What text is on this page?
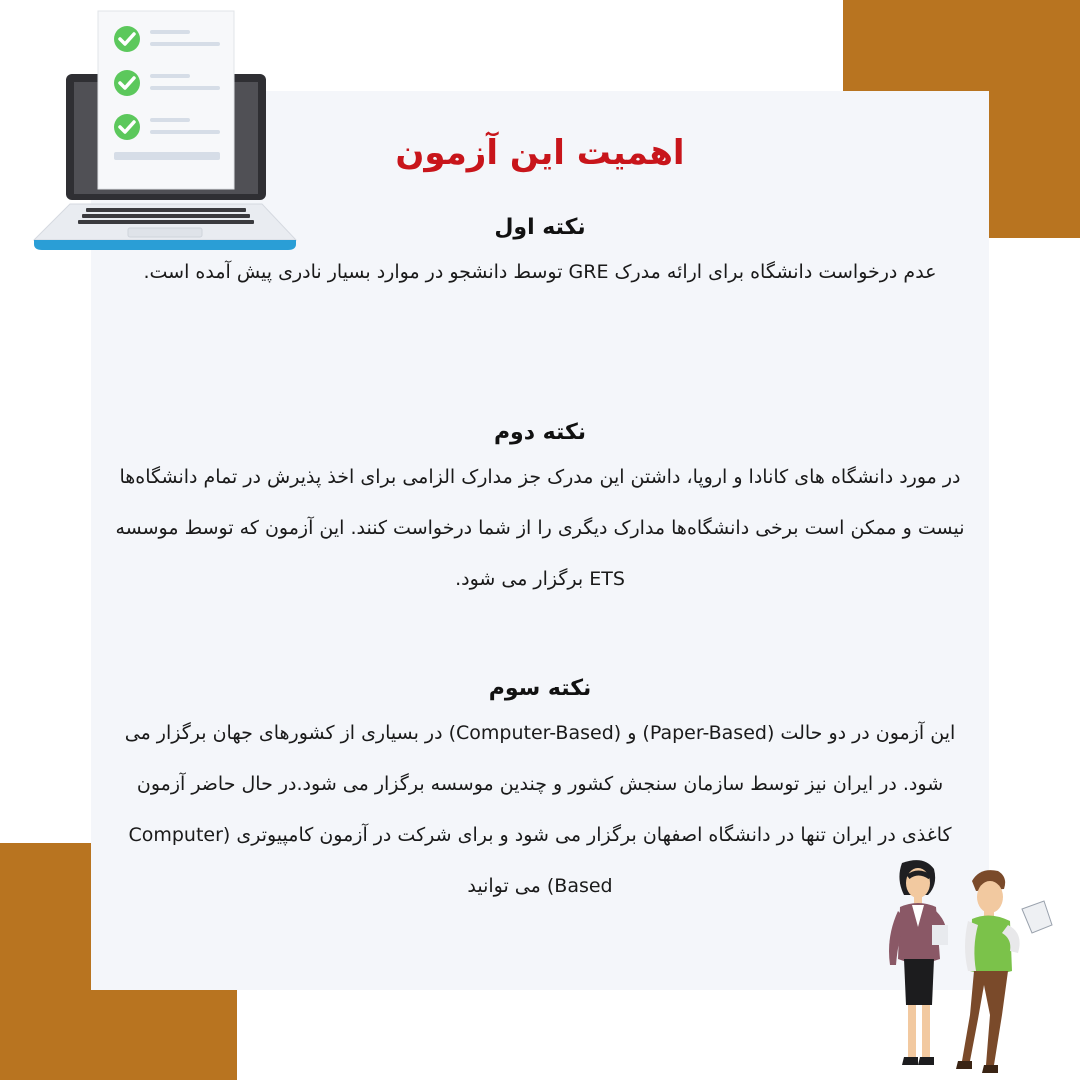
اهمیت این آزمون
نکته اول

عدم درخواست دانشگاه برای ارائه مدرک GRE توسط دانشجو در موارد بسیار نادری پیش آمده است.

نکته دوم

در مورد دانشگاه های کانادا و اروپا، داشتن این مدرک جز مدارک الزامی برای اخذ پذیرش در تمام دانشگاه‌ها نیست و ممکن است برخی دانشگاه‌ها مدارک دیگری را از شما درخواست کنند. این آزمون که توسط موسسه ETS برگزار می شود.

نکته سوم

این آزمون در دو حالت (Paper-Based) و (Computer-Based) در بسیاری از کشورهای جهان برگزار می شود. در ایران نیز توسط سازمان سنجش کشور و چندین موسسه برگزار می شود.در حال حاضر آزمون کاغذی در ایران تنها در دانشگاه اصفهان برگزار می شود و برای شرکت در آزمون کامپیوتری (Computer Based) می توانید
